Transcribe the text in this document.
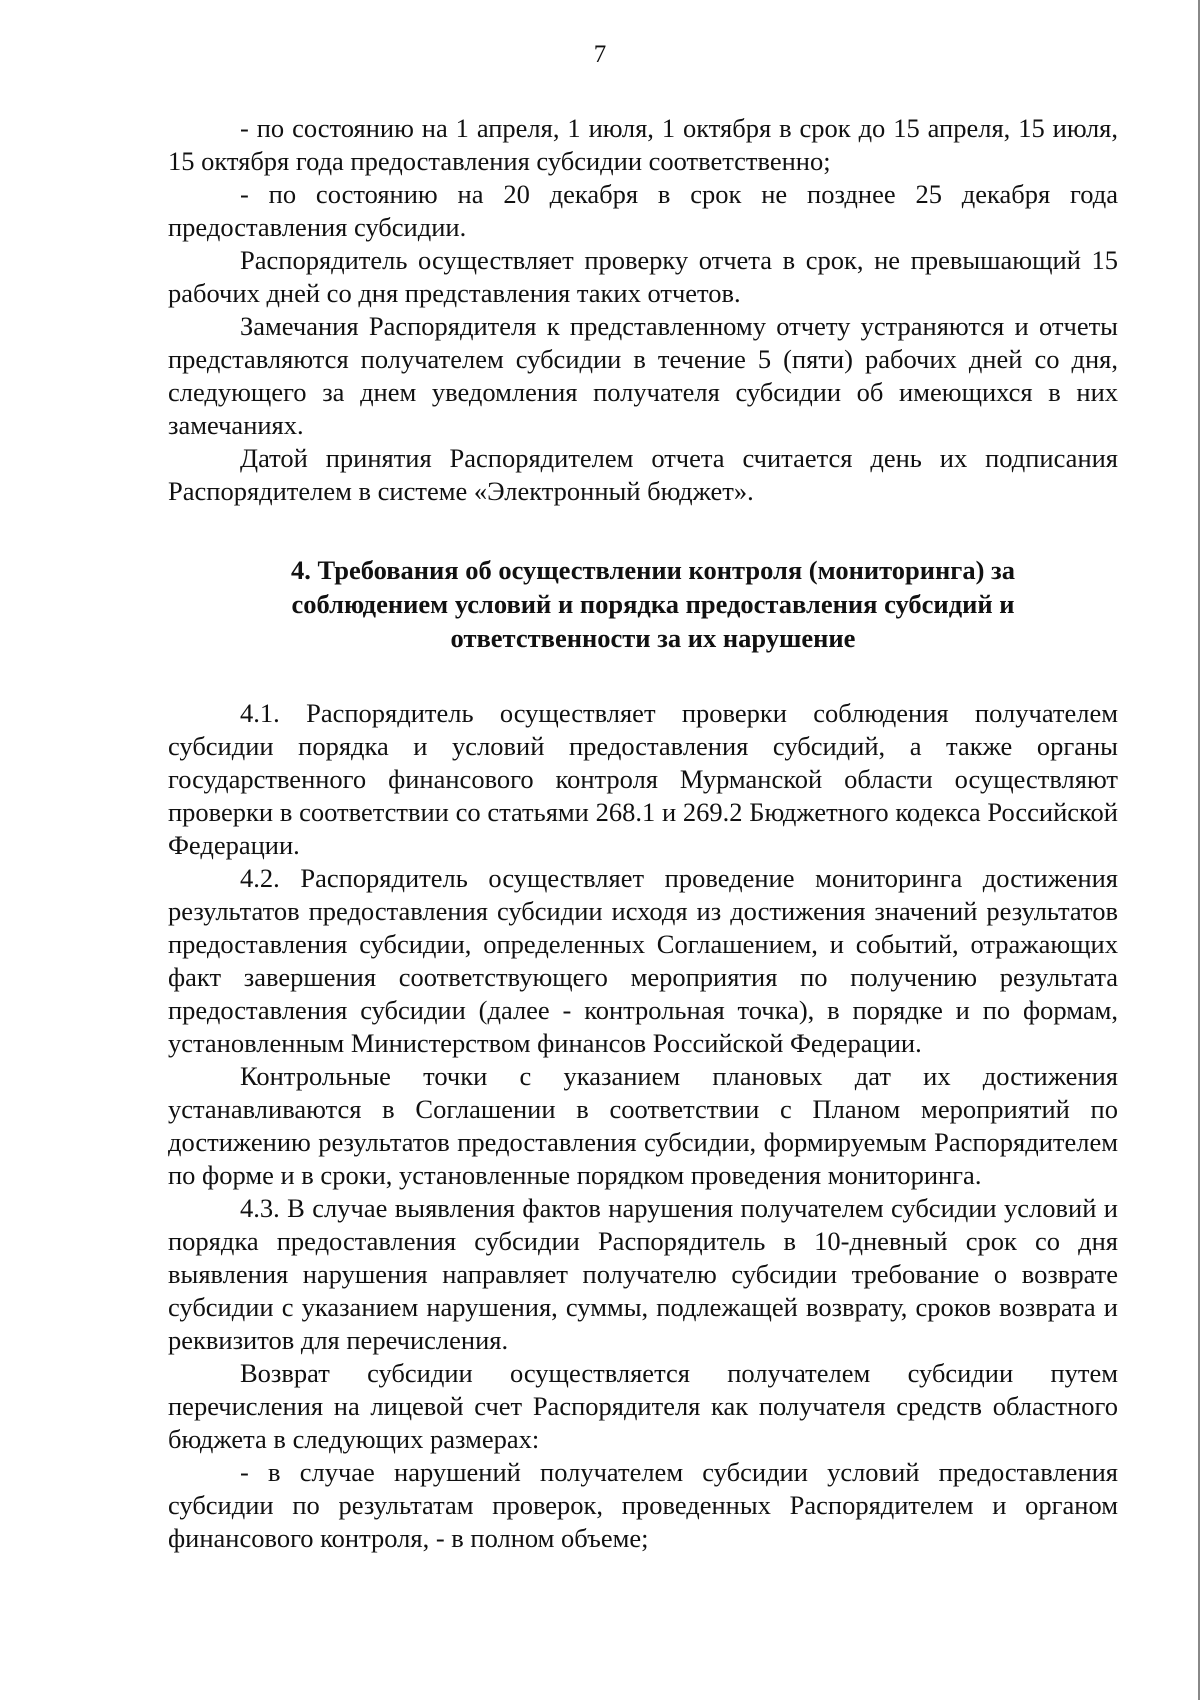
7

- по состоянию на 1 апреля, 1 июля, 1 октября в срок до 15 апреля, 15 июля, 15 октября года предоставления субсидии соответственно;

- по состоянию на 20 декабря в срок не позднее 25 декабря года предоставления субсидии.

Распорядитель осуществляет проверку отчета в срок, не превышающий 15 рабочих дней со дня представления таких отчетов.

Замечания Распорядителя к представленному отчету устраняются и отчеты представляются получателем субсидии в течение 5 (пяти) рабочих дней со дня, следующего за днем уведомления получателя субсидии об имеющихся в них замечаниях.

Датой принятия Распорядителем отчета считается день их подписания Распорядителем в системе «Электронный бюджет».

4. Требования об осуществлении контроля (мониторинга) за соблюдением условий и порядка предоставления субсидий и ответственности за их нарушение

4.1. Распорядитель осуществляет проверки соблюдения получателем субсидии порядка и условий предоставления субсидий, а также органы государственного финансового контроля Мурманской области осуществляют проверки в соответствии со статьями 268.1 и 269.2 Бюджетного кодекса Российской Федерации.

4.2. Распорядитель осуществляет проведение мониторинга достижения результатов предоставления субсидии исходя из достижения значений результатов предоставления субсидии, определенных Соглашением, и событий, отражающих факт завершения соответствующего мероприятия по получению результата предоставления субсидии (далее - контрольная точка), в порядке и по формам, установленным Министерством финансов Российской Федерации.

Контрольные точки с указанием плановых дат их достижения устанавливаются в Соглашении в соответствии с Планом мероприятий по достижению результатов предоставления субсидии, формируемым Распорядителем по форме и в сроки, установленные порядком проведения мониторинга.

4.3. В случае выявления фактов нарушения получателем субсидии условий и порядка предоставления субсидии Распорядитель в 10-дневный срок со дня выявления нарушения направляет получателю субсидии требование о возврате субсидии с указанием нарушения, суммы, подлежащей возврату, сроков возврата и реквизитов для перечисления.

Возврат субсидии осуществляется получателем субсидии путем перечисления на лицевой счет Распорядителя как получателя средств областного бюджета в следующих размерах:

- в случае нарушений получателем субсидии условий предоставления субсидии по результатам проверок, проведенных Распорядителем и органом финансового контроля, - в полном объеме;
